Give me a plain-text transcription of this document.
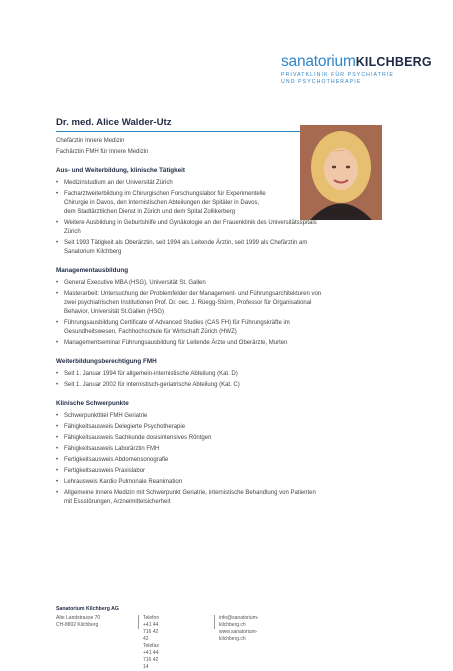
sanatoriumKILCHBERG
PRIVATKLINIK FÜR PSYCHIATRIE
UND PSYCHOTHERAPIE
Dr. med. Alice Walder-Utz
Chefärztin Innere Medizin
Fachärztin FMH für Innere Medizin
Aus- und Weiterbildung, klinische Tätigkeit
• Medizinstudium an der Universität Zürich
• Facharztweiterbildung im Chirurgischen Forschungslabor für Experimentelle
Chirurgie in Davos, den Internistischen Abteilungen der Spitäler in Davos,
dem Stadtärztlichen Dienst in Zürich und dem Spital Zollikerberg
• Weitere Ausbildung in Geburtshilfe und Gynäkologie an der Frauenklinik des Universitätsspitals
Zürich
• Seit 1993 Tätigkeit als Oberärztin, seit 1994 als Leitende Ärztin, seit 1999 als Chefärztin am
Sanatorium Kilchberg
Managementausbildung
• General Executive MBA (HSG), Universität St. Gallen
• Masterarbeit: Untersuchung der Problemfelder der Management- und Führungsarchitekturen von
zwei psychiatrischen Institutionen Prof. Dr. oec. J. Rüegg-Stürm, Professor für Organisational
Behavior, Universität St.Gallen (HSG)
• Führungsausbildung Certificate of Advanced Studies (CAS FH) für Führungskräfte im
Gesundheitswesen, Fachhochschule für Wirtschaft Zürich (HWZ)
• Managementseminar Führungsausbildung für Leitende Ärzte und Oberärzte, Murten
Weiterbildungsberechtigung FMH
• Seit 1. Januar 1994 für allgemein-internistische Abteilung (Kat. D)
• Seit 1. Januar 2002 für internistisch-geriatrische Abteilung (Kat. C)
Klinische Schwerpunkte
• Schwerpunkttitel FMH Geriatrie
• Fähigkeitsausweis Delegierte Psychotherapie
• Fähigkeitsausweis Sachkunde dosisintensives Röntgen
• Fähigkeitsausweis Laborärztin FMH
• Fertigkeitsausweis Abdomensonografie
• Fertigkeitsausweis Praxislabor
• Lehrausweis Kardio Pulmonale Reanimation
• Allgemeine Innere Medizin mit Schwerpunkt Geriatrie, internistische Behandlung von Patienten
mit Essstörungen, Arzneimittelsicherheit
Sanatorium Kilchberg AG
Alte Landstrasse 70
CH-8802 Kilchberg
Telefon +41 44 716 42 42
Telefax +41 44 716 42 14
info@sanatorium-kilchberg.ch
www.sanatorium-kilchberg.ch
